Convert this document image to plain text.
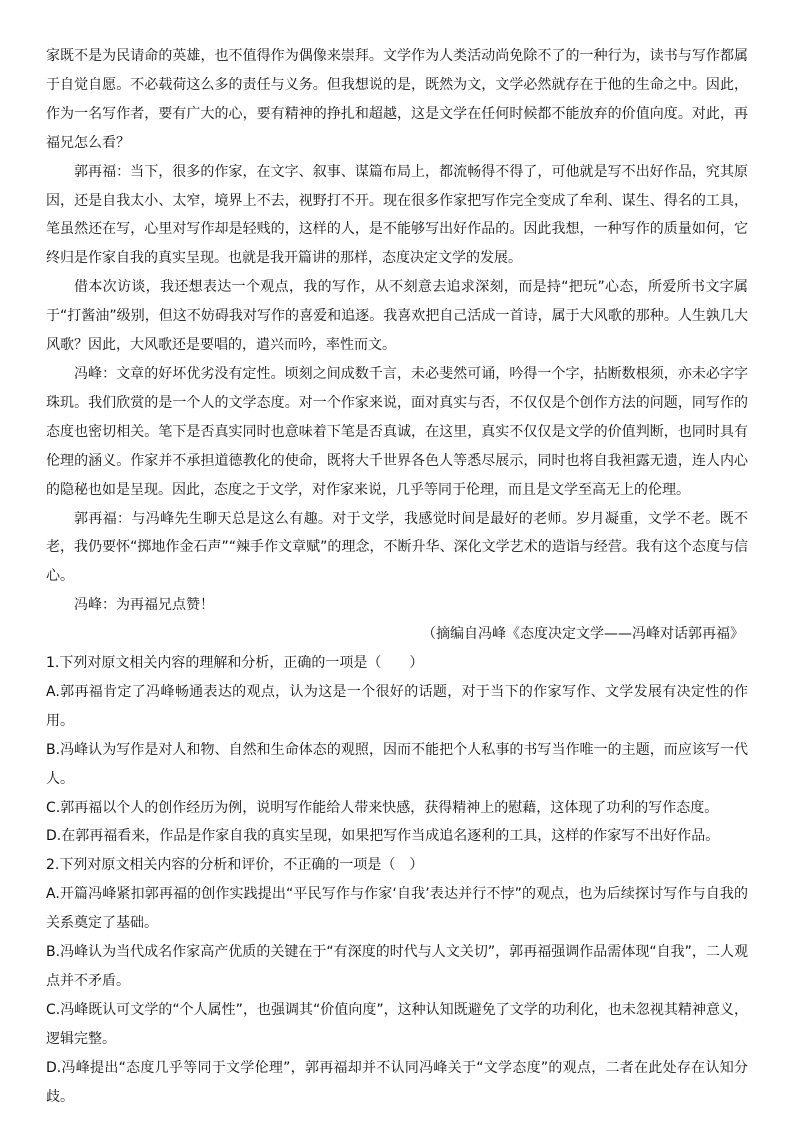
家既不是为民请命的英雄，也不值得作为偶像来崇拜。文学作为人类活动尚免除不了的一种行为，读书与写作都属于自觉自愿。不必载荷这么多的责任与义务。但我想说的是，既然为文，文学必然就存在于他的生命之中。因此，作为一名写作者，要有广大的心，要有精神的挣扎和超越，这是文学在任何时候都不能放弃的价值向度。对此，再福兄怎么看？

郭再福：当下，很多的作家，在文字、叙事、谋篇布局上，都流畅得不得了，可他就是写不出好作品，究其原因，还是自我太小、太窄，境界上不去，视野打不开。现在很多作家把写作完全变成了牟利、谋生、得名的工具，笔虽然还在写，心里对写作却是轻贱的，这样的人，是不能够写出好作品的。因此我想，一种写作的质量如何，它终归是作家自我的真实呈现。也就是我开篇讲的那样，态度决定文学的发展。

借本次访谈，我还想表达一个观点，我的写作，从不刻意去追求深刻，而是持“把玩”心态，所爱所书文字属于“打酱油”级别，但这不妨碍我对写作的喜爱和追逐。我喜欢把自己活成一首诗，属于大风歌的那种。人生孰几大风歌？因此，大风歌还是要唱的，遣兴而吟，率性而文。

冯峰：文章的好坏优劣没有定性。顷刻之间成数千言，未必斐然可诵，吟得一个字，拈断数根须，亦未必字字珠玑。我们欣赏的是一个人的文学态度。对一个作家来说，面对真实与否，不仅仅是个创作方法的问题，同写作的态度也密切相关。笔下是否真实同时也意味着下笔是否真诚，在这里，真实不仅仅是文学的价值判断，也同时具有伦理的涵义。作家并不承担道德教化的使命，既将大千世界各色人等悉尽展示，同时也将自我袒露无遗，连人内心的隐秘也如是呈现。因此，态度之于文学，对作家来说，几乎等同于伦理，而且是文学至高无上的伦理。

郭再福：与冯峰先生聊天总是这么有趣。对于文学，我感觉时间是最好的老师。岁月凝重，文学不老。既不老，我仍要怀“掷地作金石声”“辣手作文章赋”的理念，不断升华、深化文学艺术的造诣与经营。我有这个态度与信心。

冯峰：为再福兄点赞！

（摘编自冯峰《态度决定文学——冯峰对话郭再福》

1.下列对原文相关内容的理解和分析，正确的一项是（　　）

A.郭再福肯定了冯峰畅通表达的观点，认为这是一个很好的话题，对于当下的作家写作、文学发展有决定性的作用。

B.冯峰认为写作是对人和物、自然和生命体态的观照，因而不能把个人私事的书写当作唯一的主题，而应该写一代人。

C.郭再福以个人的创作经历为例，说明写作能给人带来快感，获得精神上的慰藉，这体现了功利的写作态度。

D.在郭再福看来，作品是作家自我的真实呈现，如果把写作当成追名逐利的工具，这样的作家写不出好作品。

2.下列对原文相关内容的分析和评价，不正确的一项是（　）

A.开篇冯峰紧扣郭再福的创作实践提出“平民写作与作家‘自我’表达并行不悖”的观点，也为后续探讨写作与自我的关系奠定了基础。

B.冯峰认为当代成名作家高产优质的关键在于“有深度的时代与人文关切”，郭再福强调作品需体现“自我”，二人观点并不矛盾。

C.冯峰既认可文学的“个人属性”，也强调其“价值向度”，这种认知既避免了文学的功利化，也未忽视其精神意义，逻辑完整。

D.冯峰提出“态度几乎等同于文学伦理”，郭再福却并不认同冯峰关于“文学态度”的观点，二者在此处存在认知分歧。
